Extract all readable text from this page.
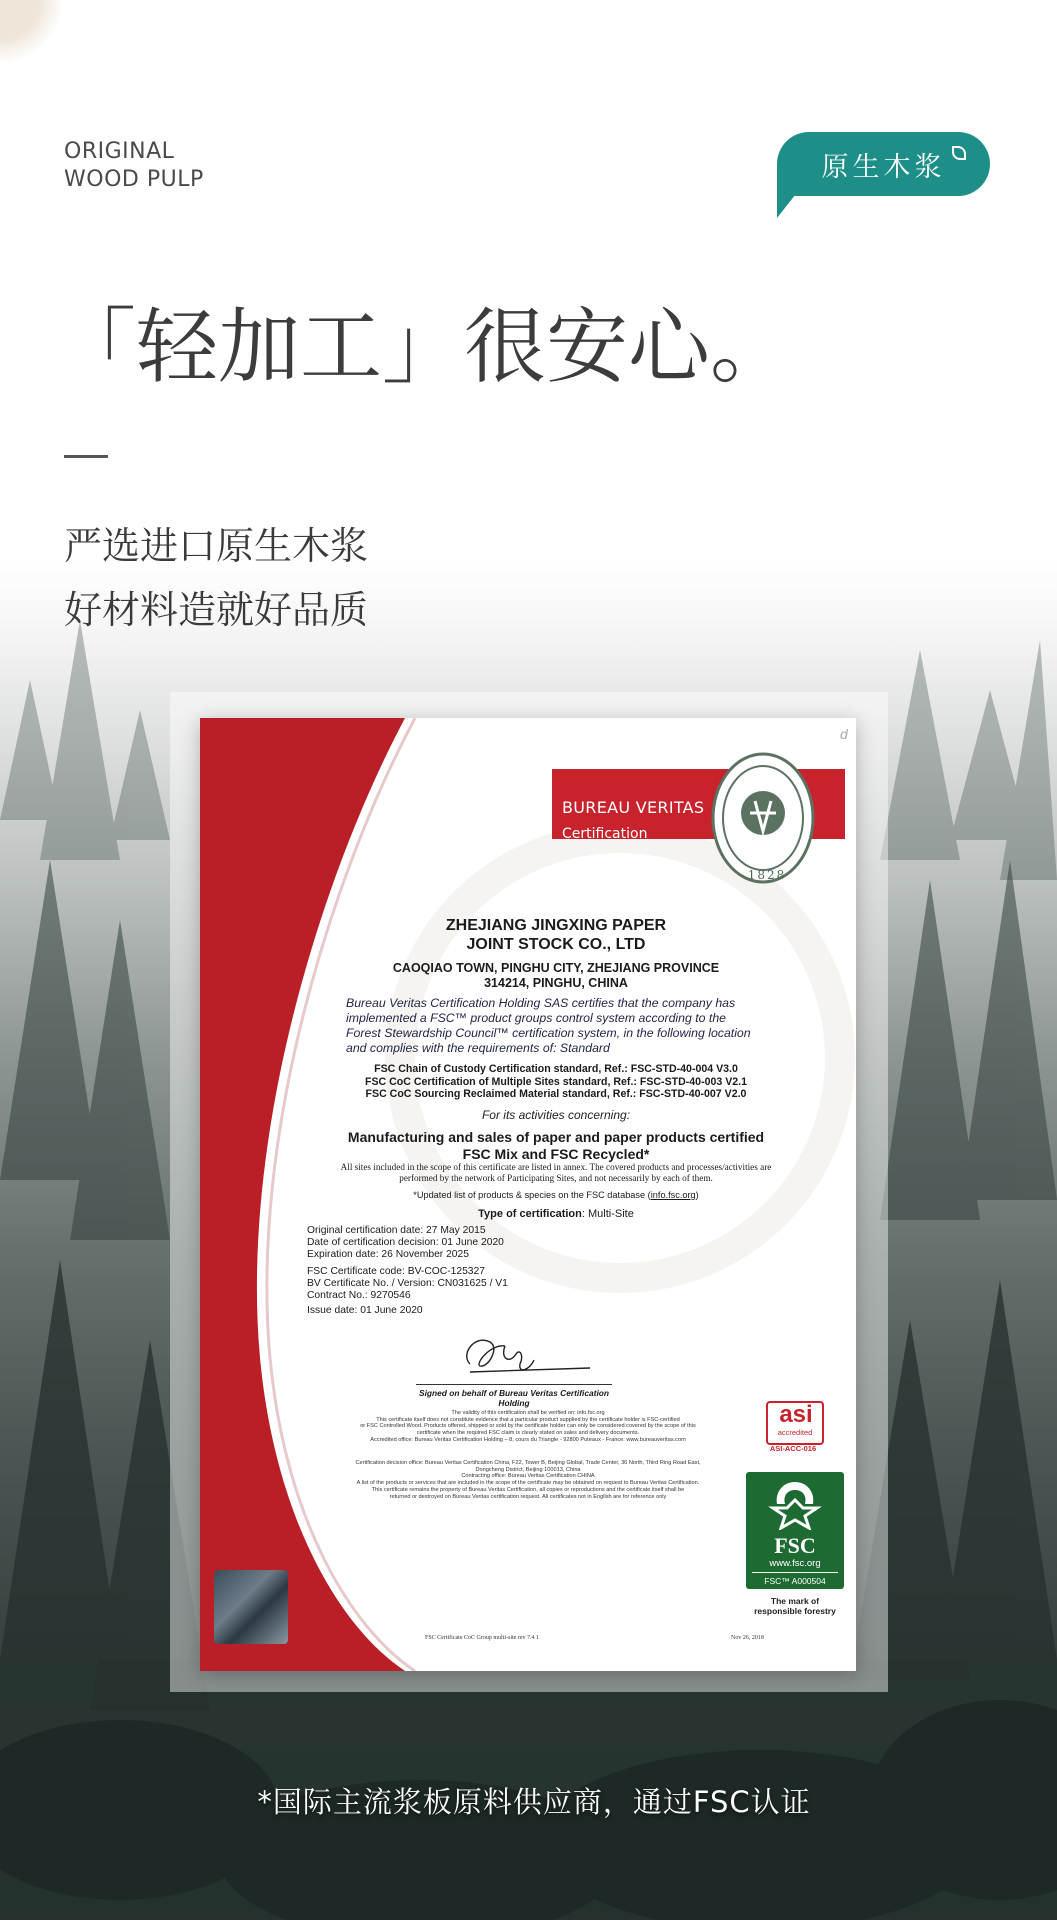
ORIGINAL
WOOD PULP	原生木浆
「轻加工」很安心。
严选进口原生木浆
好材料造就好品质
d
BUREAU VERITAS
Certification
1828
ZHEJIANG JINGXING PAPER
JOINT STOCK CO., LTD
CAOQIAO TOWN, PINGHU CITY, ZHEJIANG PROVINCE
314214, PINGHU, CHINA
Bureau Veritas Certification Holding SAS certifies that the company has
implemented a FSC™ product groups control system according to the
Forest Stewardship Council™ certification system, in the following location
and complies with the requirements of: Standard
FSC Chain of Custody Certification standard, Ref.: FSC-STD-40-004 V3.0
FSC CoC Certification of Multiple Sites standard, Ref.: FSC-STD-40-003 V2.1
FSC CoC Sourcing Reclaimed Material standard, Ref.: FSC-STD-40-007 V2.0
For its activities concerning:
Manufacturing and sales of paper and paper products certified
FSC Mix and FSC Recycled*
All sites included in the scope of this certificate are listed in annex. The covered products and processes/activities are
performed by the network of Participating Sites, and not necessarily by each of them.
*Updated list of products & species on the FSC database (info.fsc.org)
Type of certification: Multi-Site
Original certification date: 27 May 2015
Date of certification decision: 01 June 2020
Expiration date: 26 November 2025
FSC Certificate code: BV-COC-125327
BV Certificate No. / Version: CN031625 / V1
Contract No.: 9270546
Issue date: 01 June 2020
Signed on behalf of Bureau Veritas Certification Holding
The validity of this certification shall be verified on: info.fsc.org
This certificate itself does not constitute evidence that a particular product supplied by the certificate holder is FSC-certified
or FSC Controlled Wood. Products offered, shipped or sold by the certificate holder can only be considered covered by the scope of this
certificate when the required FSC claim is clearly stated on sales and delivery documents.
Accredited office: Bureau Veritas Certification Holding – 8, cours du Triangle - 92800 Puteaux - France: www.bureauveritas.com
Certification decision office: Bureau Veritas Certification China, F22, Tower B, Beijing Global, Trade Center, 36 North, Third Ring Road East,
Dongcheng District, Beijing 100013, China
Contracting office: Bureau Veritas Certification CHINA
A list of the products or services that are included in the scope of the certificate may be obtained on request to Bureau Veritas Certification.
This certificate remains the property of Bureau Veritas Certification, all copies or reproductions and the certificate itself shall be
returned or destroyed on Bureau Veritas certification request. All certificates not in English are for reference only
asi
accredited
ASI-ACC-016
FSC
www.fsc.org
FSC™ A000504
The mark of
responsible forestry
FSC Certificate CoC Group multi-site rev 7.4 1	Nov 26, 2018
*国际主流浆板原料供应商，通过FSC认证
